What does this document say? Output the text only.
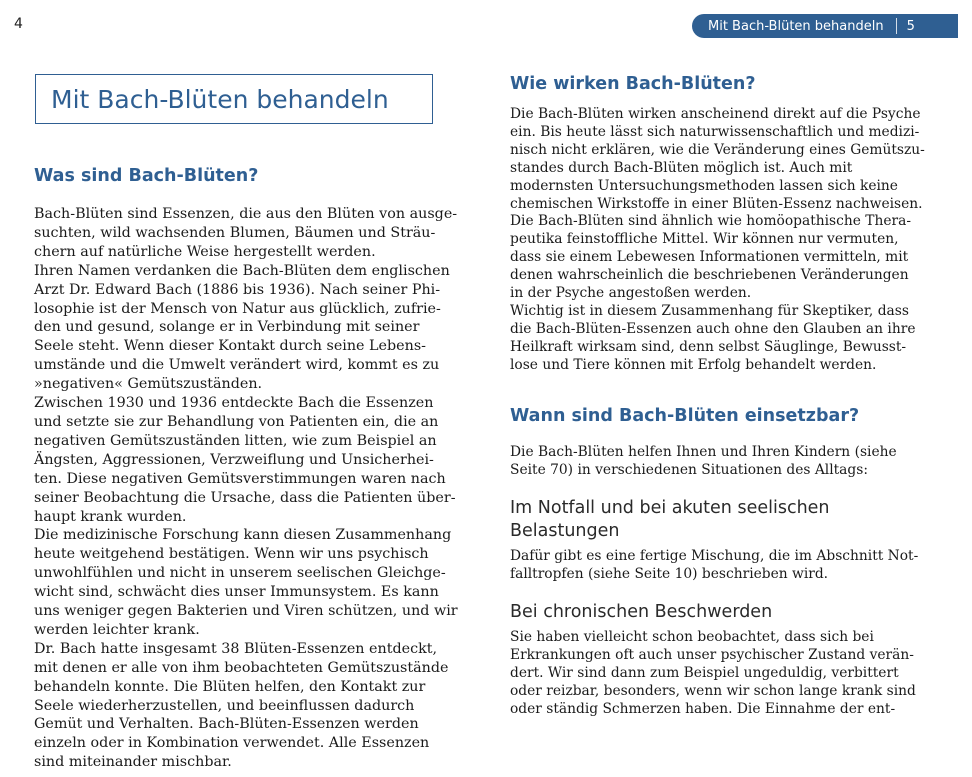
4	Mit Bach-Blüten behandeln 5
Mit Bach-Blüten behandeln
Was sind Bach-Blüten?
Bach-Blüten sind Essenzen, die aus den Blüten von ausge-
suchten, wild wachsenden Blumen, Bäumen und Sträu-
chern auf natürliche Weise hergestellt werden.
Ihren Namen verdanken die Bach-Blüten dem englischen
Arzt Dr. Edward Bach (1886 bis 1936). Nach seiner Phi-
losophie ist der Mensch von Natur aus glücklich, zufrie-
den und gesund, solange er in Verbindung mit seiner
Seele steht. Wenn dieser Kontakt durch seine Lebens-
umstände und die Umwelt verändert wird, kommt es zu
»negativen« Gemütszuständen.
Zwischen 1930 und 1936 entdeckte Bach die Essenzen
und setzte sie zur Behandlung von Patienten ein, die an
negativen Gemütszuständen litten, wie zum Beispiel an
Ängsten, Aggressionen, Verzweiflung und Unsicherhei-
ten. Diese negativen Gemütsverstimmungen waren nach
seiner Beobachtung die Ursache, dass die Patienten über-
haupt krank wurden.
Die medizinische Forschung kann diesen Zusammenhang
heute weitgehend bestätigen. Wenn wir uns psychisch
unwohlfühlen und nicht in unserem seelischen Gleichge-
wicht sind, schwächt dies unser Immunsystem. Es kann
uns weniger gegen Bakterien und Viren schützen, und wir
werden leichter krank.
Dr. Bach hatte insgesamt 38 Blüten-Essenzen entdeckt,
mit denen er alle von ihm beobachteten Gemütszustände
behandeln konnte. Die Blüten helfen, den Kontakt zur
Seele wiederherzustellen, und beeinflussen dadurch
Gemüt und Verhalten. Bach-Blüten-Essenzen werden
einzeln oder in Kombination verwendet. Alle Essenzen
sind miteinander mischbar.
Wie wirken Bach-Blüten?
Die Bach-Blüten wirken anscheinend direkt auf die Psyche
ein. Bis heute lässt sich naturwissenschaftlich und medizi-
nisch nicht erklären, wie die Veränderung eines Gemütszu-
standes durch Bach-Blüten möglich ist. Auch mit
modernsten Untersuchungsmethoden lassen sich keine
chemischen Wirkstoffe in einer Blüten-Essenz nachweisen.
Die Bach-Blüten sind ähnlich wie homöopathische Thera-
peutika feinstoffliche Mittel. Wir können nur vermuten,
dass sie einem Lebewesen Informationen vermitteln, mit
denen wahrscheinlich die beschriebenen Veränderungen
in der Psyche angestoßen werden.
Wichtig ist in diesem Zusammenhang für Skeptiker, dass
die Bach-Blüten-Essenzen auch ohne den Glauben an ihre
Heilkraft wirksam sind, denn selbst Säuglinge, Bewusst-
lose und Tiere können mit Erfolg behandelt werden.
Wann sind Bach-Blüten einsetzbar?
Die Bach-Blüten helfen Ihnen und Ihren Kindern (siehe
Seite 70) in verschiedenen Situationen des Alltags:
Im Notfall und bei akuten seelischen
Belastungen
Dafür gibt es eine fertige Mischung, die im Abschnitt Not-
falltropfen (siehe Seite 10) beschrieben wird.
Bei chronischen Beschwerden
Sie haben vielleicht schon beobachtet, dass sich bei
Erkrankungen oft auch unser psychischer Zustand verän-
dert. Wir sind dann zum Beispiel ungeduldig, verbittert
oder reizbar, besonders, wenn wir schon lange krank sind
oder ständig Schmerzen haben. Die Einnahme der ent-
